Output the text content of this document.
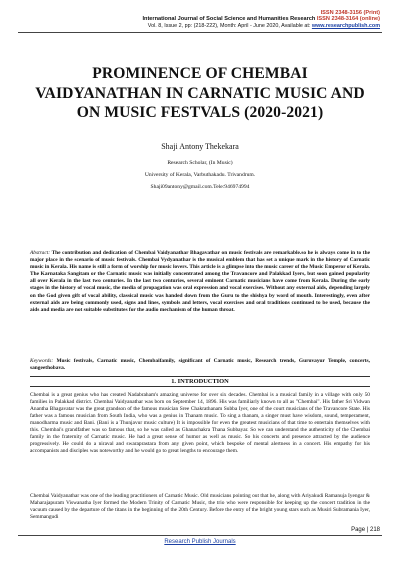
ISSN 2348-3156 (Print)
International Journal of Social Science and Humanities Research ISSN 2348-3164 (online)
Vol. 8, Issue 2, pp: (218-222), Month: April - June 2020, Available at: www.researchpublish.com
PROMINENCE OF CHEMBAI VAIDYANATHAN IN CARNATIC MUSIC AND ON MUSIC FESTVALS (2020-2021)
Shaji Antony Thekekara
Research Scholar, (In Music)
University of Kerala, Varbuthakadu. Trivandrum.
Shaji09antony@gmail.com.Tele:946974994
Abstract: The contribution and dedication of Chembai Vaidyanathar Bhagavathar on music festivals are remarkable.so he is always come in to the major place in the scenario of music festivals. Chembai Vydyanathar is the musical emblem that has set a unique mark in the history of Carnatic music in Kerala. His name is still a form of worship for music lovers. This article is a glimpse into the music career of the Music Emperor of Kerala. The Karnataka Sangitam or the Carnatic music was initially concentrated among the Travancore and Palakkad Iyers, but soon gained popularity all over Kerala in the last two centuries. In the last two centuries, several eminent Carnatic musicians have come from Kerala. During the early stages in the history of vocal music, the media of propagation was oral expression and vocal exercises. Without any external aids, depending largely on the God given gift of vocal ability, classical music was handed down from the Guru to the shishya by word of mouth. Interestingly, even after external aids are being commonly used, signs and lines, symbols and letters, vocal exercises and oral traditions continued to be used, because the aids and media are not suitable substitutes for the audio mechanism of the human throat.
Keywords: Music festivals, Carnatic music, Chembaifamily, significant of Carnatic music, Research trends, Guruvayur Temple, concerts, sangeethobava.
1. INTRODUCTION

Chembai is a great genius who has created Nadabraham's amazing universe for over six decades. Chembai is a musical family in a village with only 50 families in Palakkad district. Chembai Vaidyanathar was born on September 14, 1896. His was familiarly known to all as "Chembai". His father Sri Vidwan Anantha Bhagavatar was the great grandson of the famous musician Sree Chakrathanam Subba Iyer, one of the court musicians of the Travancore State. His father was a famous musician from South India, who was a genius in Thanam music. To sing a thanam, a singer must have wisdom, sound, temperament, manodharma music and Bani. (Bani is a Thunjavur music culture) It is impossible for even the greatest musicians of that time to entertain themselves with this. Chembai's grandfather was so famous that, so he was called as Ghanachakra Thana Subbayar. So we can understand the authenticity of the Chembai family in the fraternity of Carnatic music. He had a great sense of humor as well as music. So his concerts and presence attracted by the audience progressively. He could do a niraval and swaraprastara from any given point, which bespoke of mental alertness in a concert. His empathy for his accompanists and disciples was noteworthy and he would go to great lengths to encourage them.

Chembai Vaidyanathar was one of the leading practitioners of Carnatic Music. Old musicians pointing out that he, along with Ariyakudi Ramanuja Iyengar & Maharajapuram Viswanatha Iyer formed the Modern Trinity of Carnatic Music, the trio who were responsible for keeping up the concert tradition in the vacuum caused by the departure of the titans in the beginning of the 20th Century. Before the entry of the bright young stars such as Musiri Subramania Iyer, Semmangudi

Page | 218
Research Publish Journals
